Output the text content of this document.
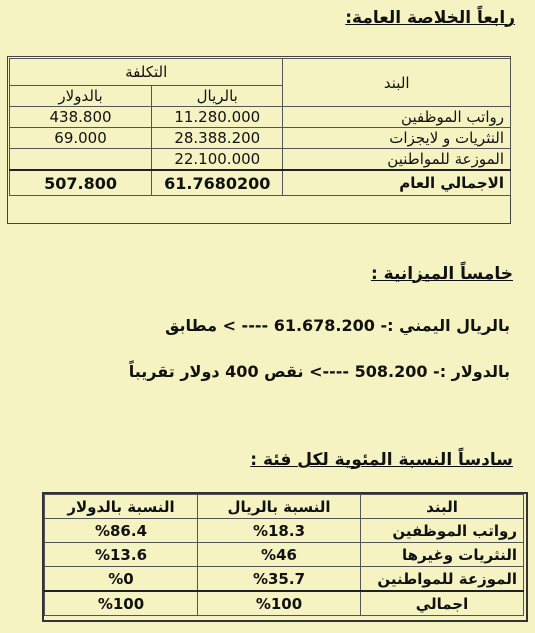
رابعاً الخلاصة العامة:
التكلفة		البند
بالدولار	بالريال	
438.800	11.280.000	رواتب الموظفين
69.000	28.388.200	النثريات و لايجزات
	22.100.000	الموزعة للمواطنين
507.800	61.7680200	الاجمالي العام
خامساً الميزانية :
بالريال اليمني :- 61.678.200 ---- > مطابق
بالدولار :- 508.200 ----> نقص 400 دولار تقريباً
سادساً النسبة المئوية لكل فئة :
النسبة بالدولار	النسبة بالريال	البند
%86.4	%18.3	رواتب الموظفين
%13.6	%46	النثريات وغيرها
%0	%35.7	الموزعة للمواطنين
%100	%100	اجمالي
